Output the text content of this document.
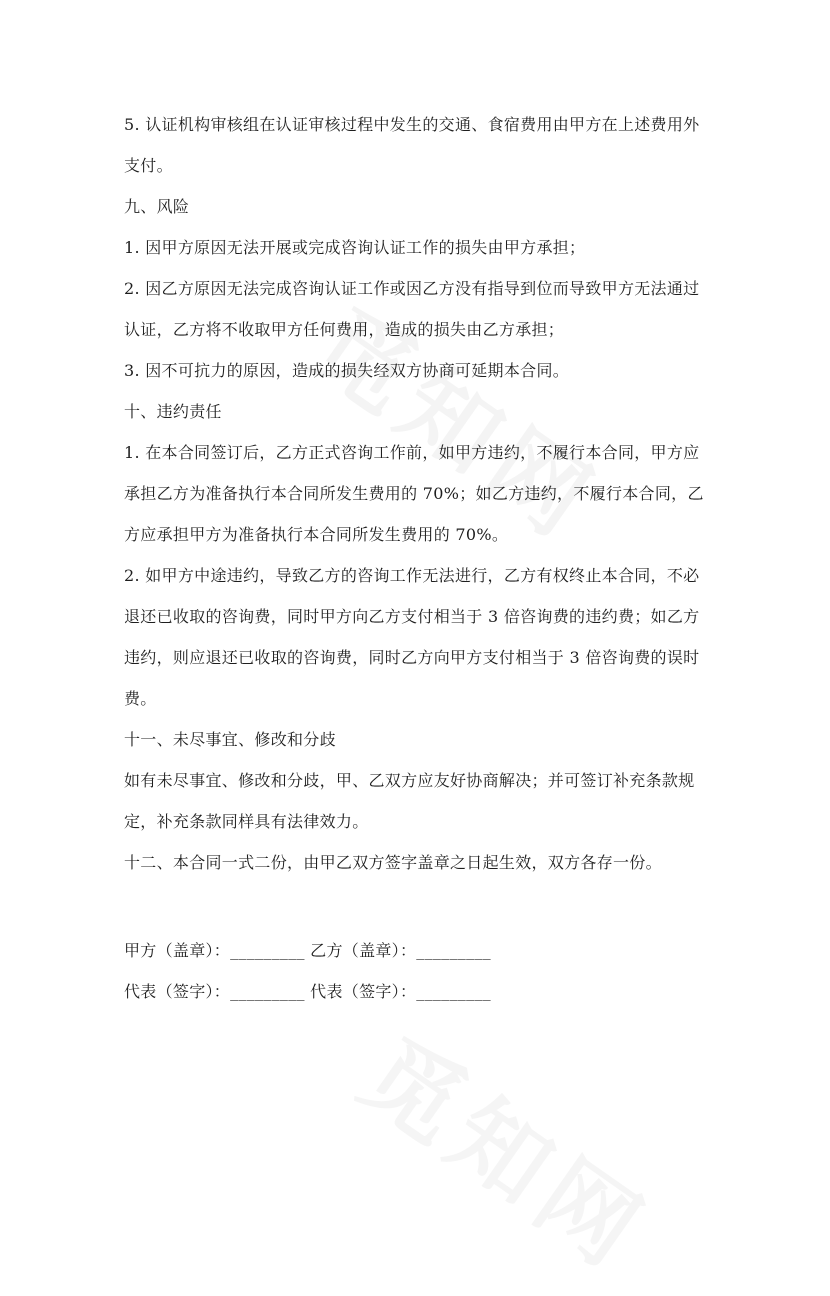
5. 认证机构审核组在认证审核过程中发生的交通、食宿费用由甲方在上述费用外支付。

九、风险

1. 因甲方原因无法开展或完成咨询认证工作的损失由甲方承担；

2. 因乙方原因无法完成咨询认证工作或因乙方没有指导到位而导致甲方无法通过认证，乙方将不收取甲方任何费用，造成的损失由乙方承担；

3. 因不可抗力的原因，造成的损失经双方协商可延期本合同。

十、违约责任

1. 在本合同签订后，乙方正式咨询工作前，如甲方违约，不履行本合同，甲方应承担乙方为准备执行本合同所发生费用的 70%；如乙方违约，不履行本合同，乙方应承担甲方为准备执行本合同所发生费用的 70%。

2. 如甲方中途违约，导致乙方的咨询工作无法进行，乙方有权终止本合同，不必退还已收取的咨询费，同时甲方向乙方支付相当于 3 倍咨询费的违约费；如乙方违约，则应退还已收取的咨询费，同时乙方向甲方支付相当于 3 倍咨询费的误时费。

十一、未尽事宜、修改和分歧

如有未尽事宜、修改和分歧，甲、乙双方应友好协商解决；并可签订补充条款规定，补充条款同样具有法律效力。

十二、本合同一式二份，由甲乙双方签字盖章之日起生效，双方各存一份。

甲方（盖章）：_________ 乙方（盖章）：_________

代表（签字）：_________ 代表（签字）：_________
